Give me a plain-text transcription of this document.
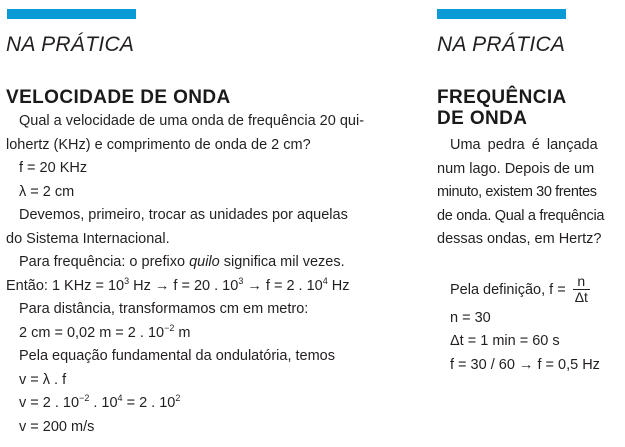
NA PRÁTICA
VELOCIDADE DE ONDA

Qual a velocidade de uma onda de frequência 20 qui-

lohertz (KHz) e comprimento de onda de 2 cm?

f = 20 KHz

λ = 2 cm

Devemos, primeiro, trocar as unidades por aquelas

do Sistema Internacional.

Para frequência: o prefixo quilo significa mil vezes.

Então: 1 KHz = $10^3$ Hz → f = 20 . $10^3 \to f = 2$ . $10^4$ Hz

Para distância, transformamos cm em metro:

2 cm = 0,02 m = 2 . $10^{-2}$ m

Pela equação fundamental da ondulatória, temos

v = λ . f

v = 2 . $10^{-2}$ . $10^4 = 2$ . $10^2$

v = 200 m/s

NA PRÁTICA
FREQUÊNCIA
DE ONDA

Uma pedra é lançada

num lago. Depois de um

minuto, existem 30 frentes

de onda. Qual a frequência

dessas ondas, em Hertz?

Pela definição, $f = \frac{n}{\Delta t}$

n = 30

Δt = 1 min = 60 s

f = 30 / 60 → f = 0,5 Hz
